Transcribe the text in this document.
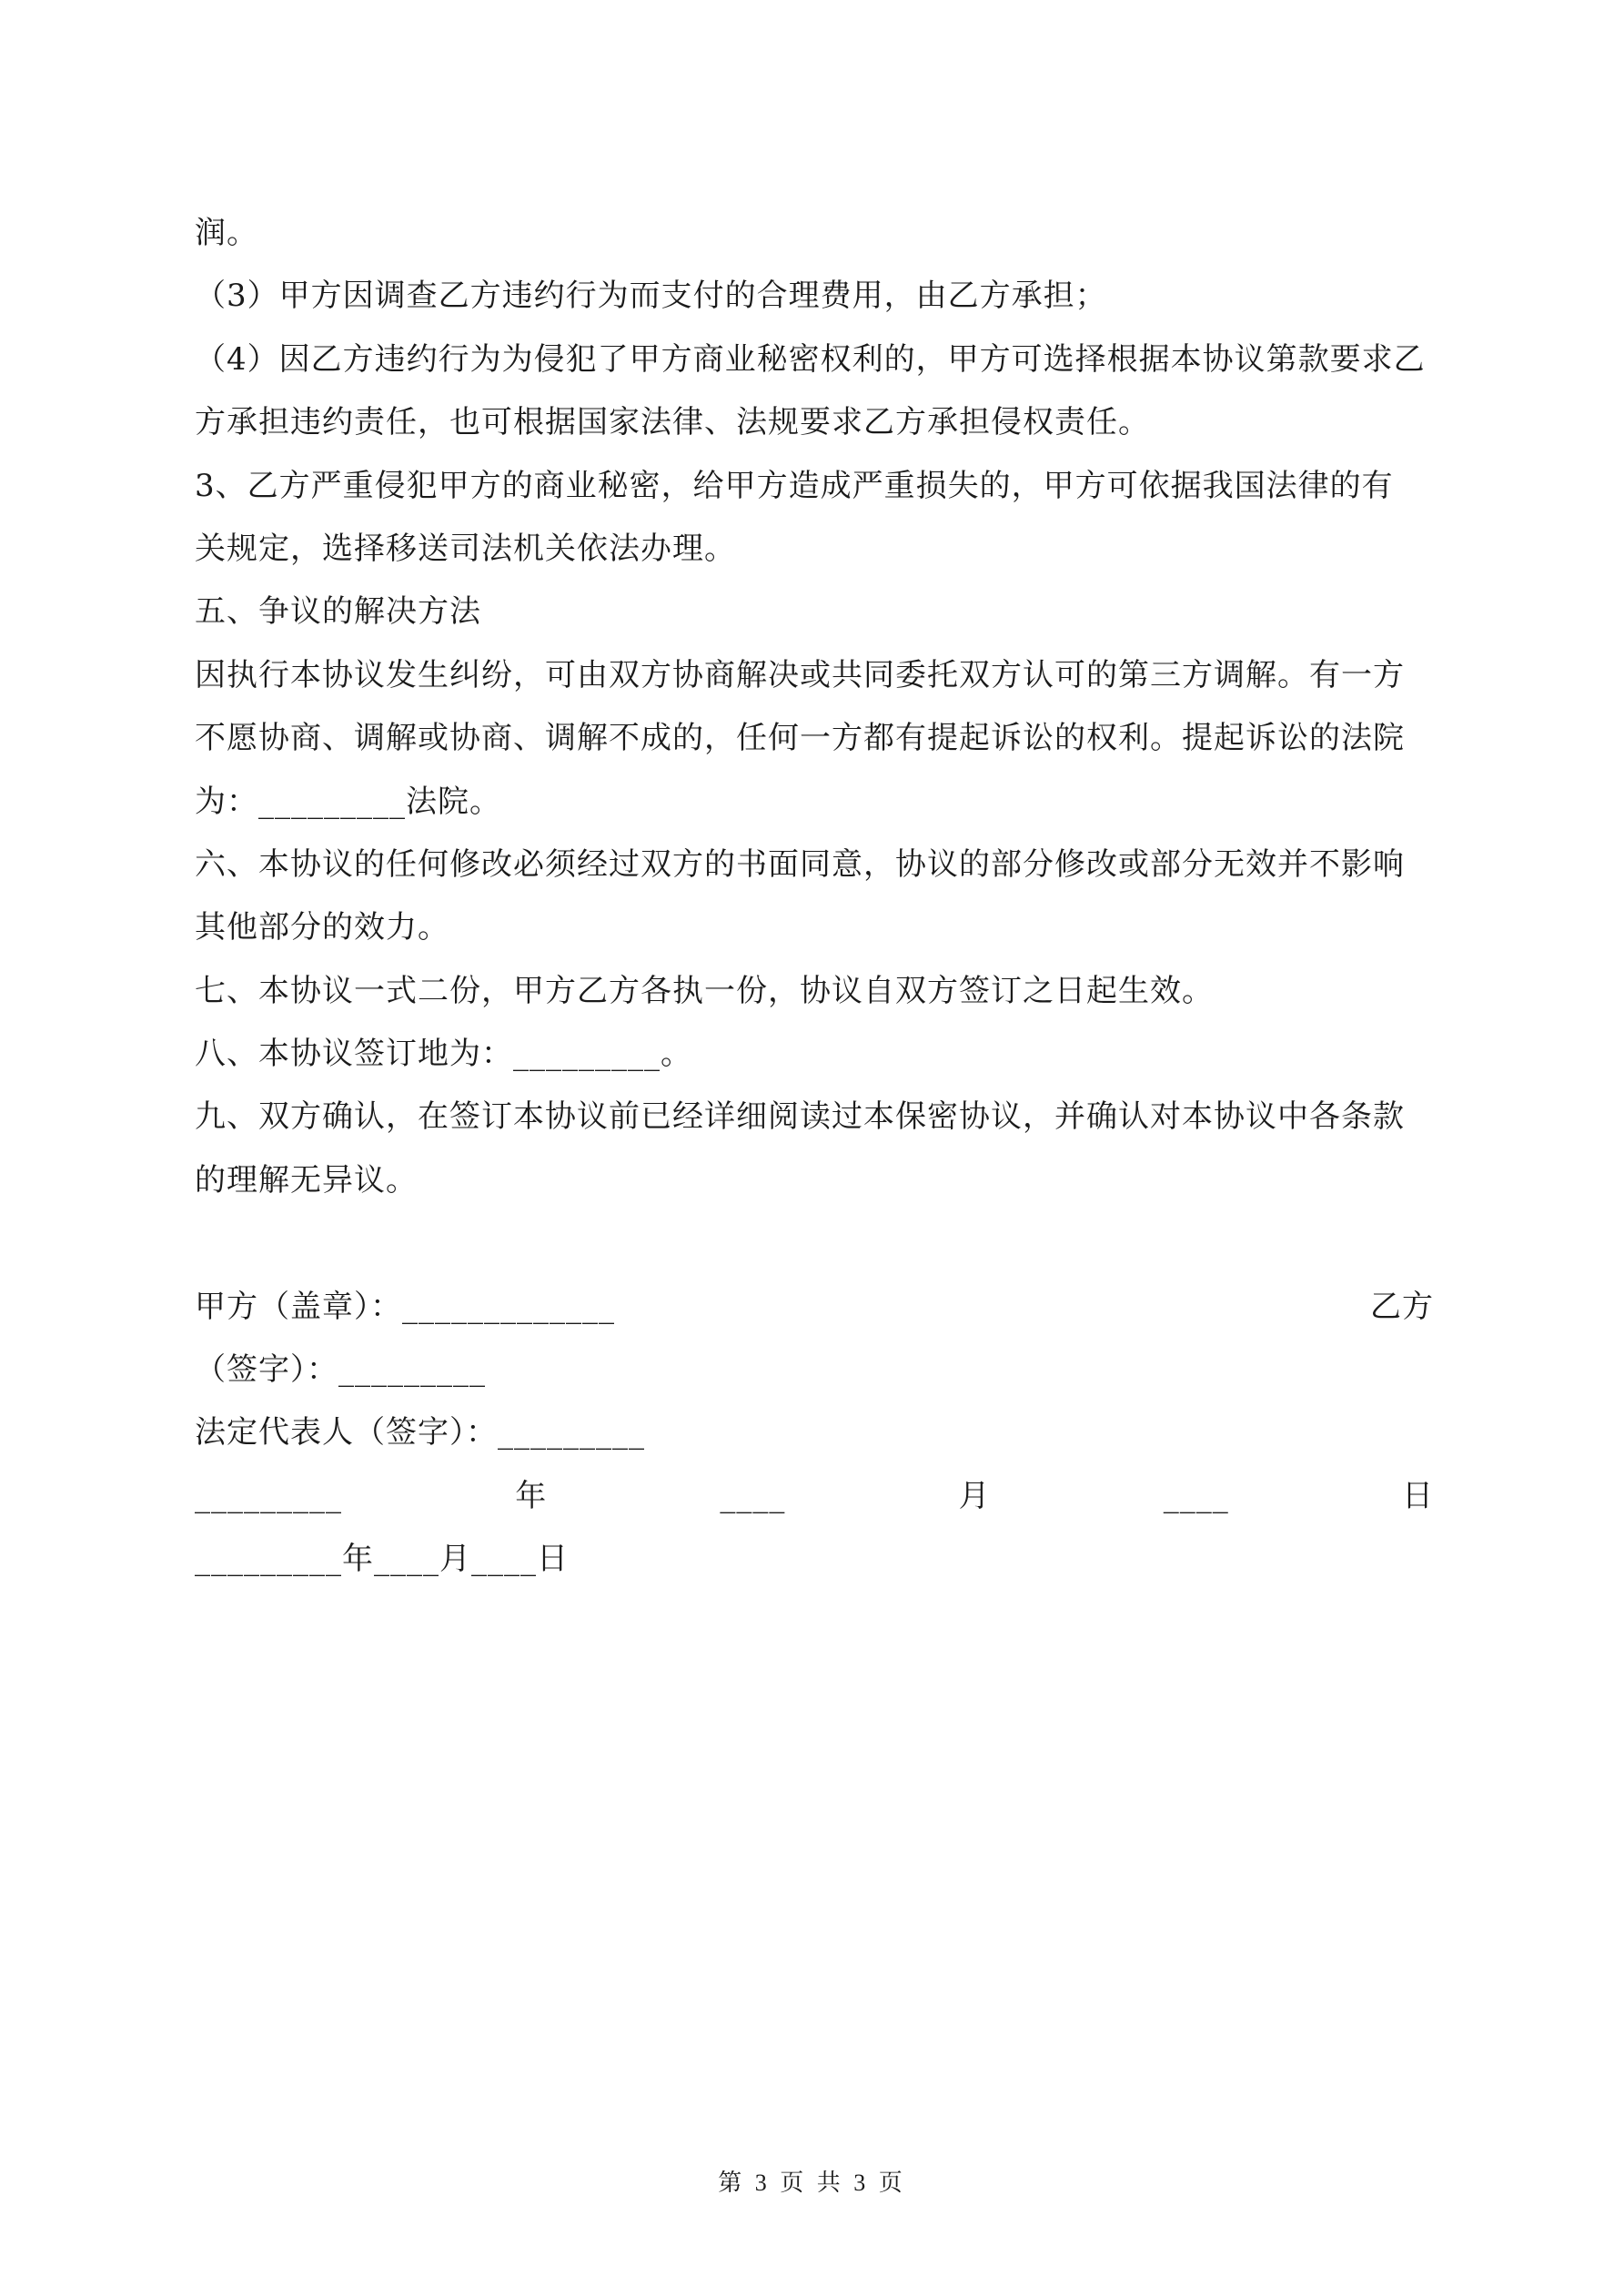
润。
（3）甲方因调查乙方违约行为而支付的合理费用，由乙方承担；
（4）因乙方违约行为为侵犯了甲方商业秘密权利的，甲方可选择根据本协议第款要求乙
方承担违约责任，也可根据国家法律、法规要求乙方承担侵权责任。
3、乙方严重侵犯甲方的商业秘密，给甲方造成严重损失的，甲方可依据我国法律的有
关规定，选择移送司法机关依法办理。
五、争议的解决方法
因执行本协议发生纠纷，可由双方协商解决或共同委托双方认可的第三方调解。有一方
不愿协商、调解或协商、调解不成的，任何一方都有提起诉讼的权利。提起诉讼的法院
为：_________法院。
六、本协议的任何修改必须经过双方的书面同意，协议的部分修改或部分无效并不影响
其他部分的效力。
七、本协议一式二份，甲方乙方各执一份，协议自双方签订之日起生效。
八、本协议签订地为：_________。
九、双方确认，在签订本协议前已经详细阅读过本保密协议，并确认对本协议中各条款
的理解无异议。
甲方（盖章）：_____________	乙方
（签字）：_________
法定代表人（签字）：_________
_________	年	____	月	____	日
_________年____月____日
第 3 页 共 3 页
